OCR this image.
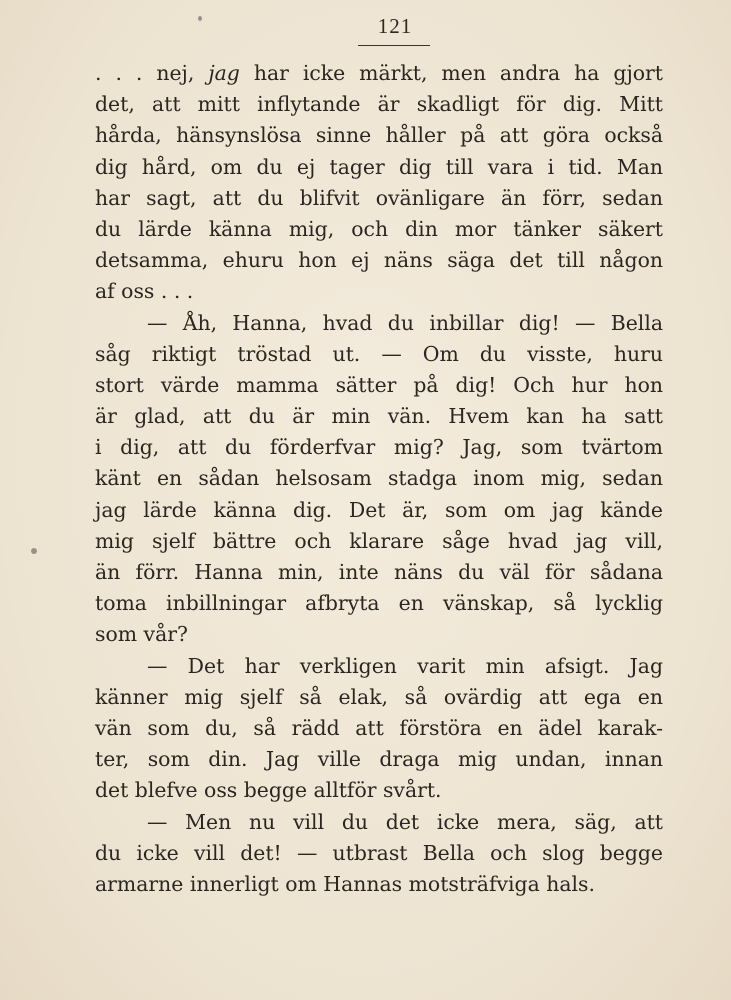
121
. . . nej, jag har icke märkt, men andra ha gjort
det, att mitt inflytande är skadligt för dig. Mitt
hårda, hänsynslösa sinne håller på att göra också
dig hård, om du ej tager dig till vara i tid. Man
har sagt, att du blifvit ovänligare än förr, sedan
du lärde känna mig, och din mor tänker säkert
detsamma, ehuru hon ej näns säga det till någon
af oss . . .
— Åh, Hanna, hvad du inbillar dig! — Bella
såg riktigt tröstad ut. — Om du visste, huru
stort värde mamma sätter på dig! Och hur hon
är glad, att du är min vän. Hvem kan ha satt
i dig, att du förderfvar mig? Jag, som tvärtom
känt en sådan helsosam stadga inom mig, sedan
jag lärde känna dig. Det är, som om jag kände
mig sjelf bättre och klarare såge hvad jag vill,
än förr. Hanna min, inte näns du väl för sådana
toma inbillningar afbryta en vänskap, så lycklig
som vår?
— Det har verkligen varit min afsigt. Jag
känner mig sjelf så elak, så ovärdig att ega en
vän som du, så rädd att förstöra en ädel karak-
ter, som din. Jag ville draga mig undan, innan
det blefve oss begge alltför svårt.
— Men nu vill du det icke mera, säg, att
du icke vill det! — utbrast Bella och slog begge
armarne innerligt om Hannas motsträfviga hals.
